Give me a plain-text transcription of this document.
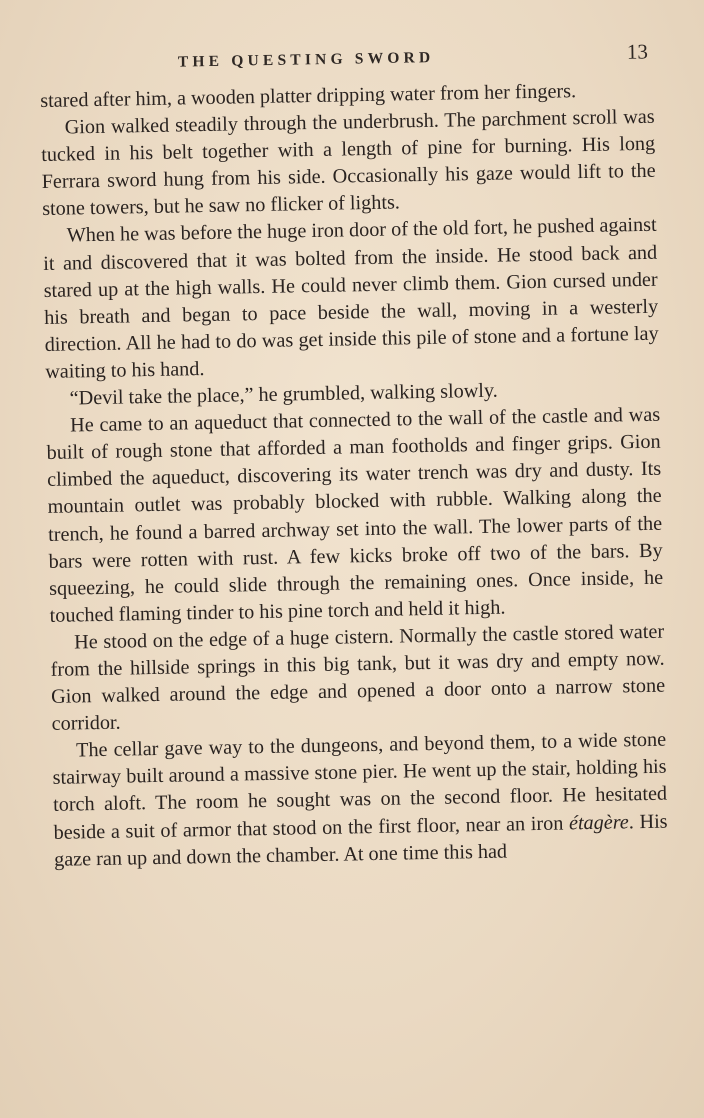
THE QUESTING SWORD	13

stared after him, a wooden platter dripping water from her fingers.

Gion walked steadily through the underbrush. The parchment scroll was tucked in his belt together with a length of pine for burning. His long Ferrara sword hung from his side. Occasionally his gaze would lift to the stone towers, but he saw no flicker of lights.

When he was before the huge iron door of the old fort, he pushed against it and discovered that it was bolted from the inside. He stood back and stared up at the high walls. He could never climb them. Gion cursed under his breath and began to pace beside the wall, moving in a westerly direction. All he had to do was get inside this pile of stone and a fortune lay waiting to his hand.

“Devil take the place,” he grumbled, walking slowly.

He came to an aqueduct that connected to the wall of the castle and was built of rough stone that afforded a man footholds and finger grips. Gion climbed the aqueduct, discovering its water trench was dry and dusty. Its mountain outlet was probably blocked with rubble. Walking along the trench, he found a barred archway set into the wall. The lower parts of the bars were rotten with rust. A few kicks broke off two of the bars. By squeezing, he could slide through the remaining ones. Once inside, he touched flaming tinder to his pine torch and held it high.

He stood on the edge of a huge cistern. Normally the castle stored water from the hillside springs in this big tank, but it was dry and empty now. Gion walked around the edge and opened a door onto a narrow stone corridor.

The cellar gave way to the dungeons, and beyond them, to a wide stone stairway built around a massive stone pier. He went up the stair, holding his torch aloft. The room he sought was on the second floor. He hesitated beside a suit of armor that stood on the first floor, near an iron étagère. His gaze ran up and down the chamber. At one time this had
